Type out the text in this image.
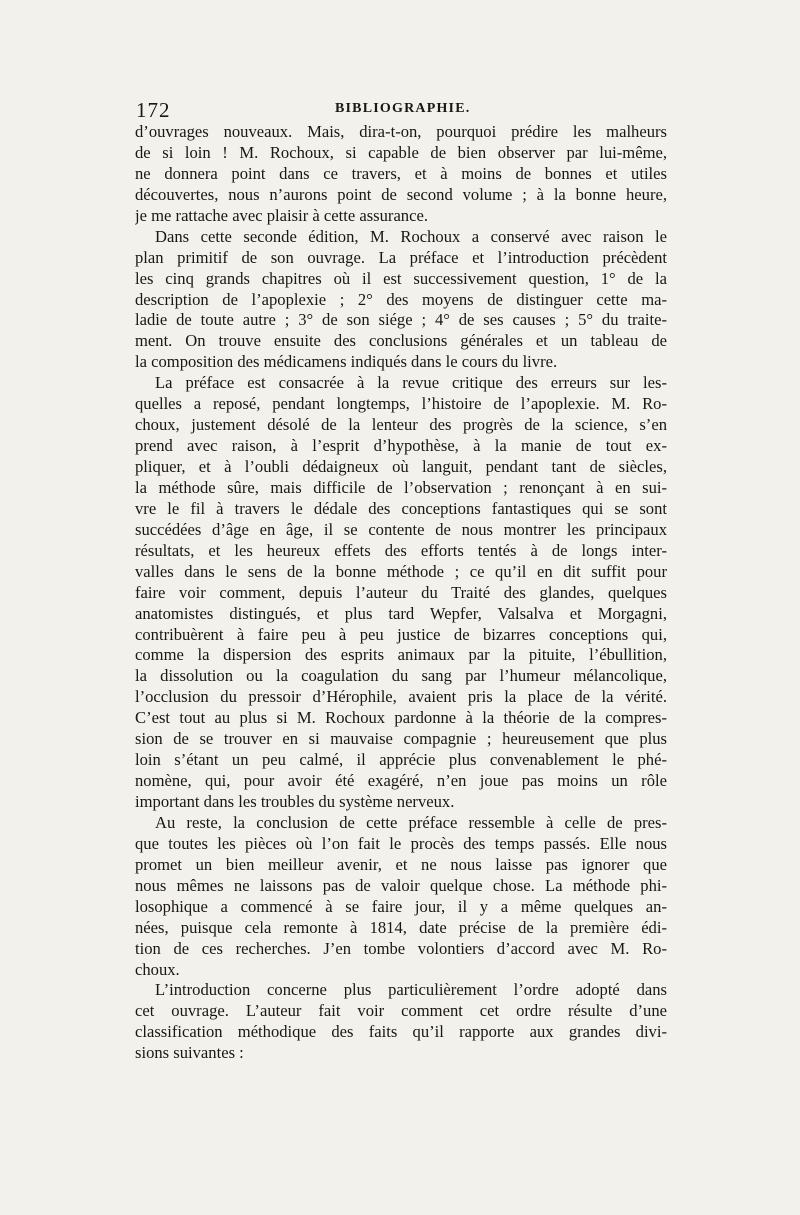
172	BIBLIOGRAPHIE.
d’ouvrages nouveaux. Mais, dira-t-on, pourquoi prédire les malheurs
de si loin ! M. Rochoux, si capable de bien observer par lui-même,
ne donnera point dans ce travers, et à moins de bonnes et utiles
découvertes, nous n’aurons point de second volume ; à la bonne heure,
je me rattache avec plaisir à cette assurance.
Dans cette seconde édition, M. Rochoux a conservé avec raison le
plan primitif de son ouvrage. La préface et l’introduction précèdent
les cinq grands chapitres où il est successivement question, 1° de la
description de l’apoplexie ; 2° des moyens de distinguer cette ma-
ladie de toute autre ; 3° de son siége ; 4° de ses causes ; 5° du traite-
ment. On trouve ensuite des conclusions générales et un tableau de
la composition des médicamens indiqués dans le cours du livre.
La préface est consacrée à la revue critique des erreurs sur les-
quelles a reposé, pendant longtemps, l’histoire de l’apoplexie. M. Ro-
choux, justement désolé de la lenteur des progrès de la science, s’en
prend avec raison, à l’esprit d’hypothèse, à la manie de tout ex-
pliquer, et à l’oubli dédaigneux où languit, pendant tant de siècles,
la méthode sûre, mais difficile de l’observation ; renonçant à en sui-
vre le fil à travers le dédale des conceptions fantastiques qui se sont
succédées d’âge en âge, il se contente de nous montrer les principaux
résultats, et les heureux effets des efforts tentés à de longs inter-
valles dans le sens de la bonne méthode ; ce qu’il en dit suffit pour
faire voir comment, depuis l’auteur du Traité des glandes, quelques
anatomistes distingués, et plus tard Wepfer, Valsalva et Morgagni,
contribuèrent à faire peu à peu justice de bizarres conceptions qui,
comme la dispersion des esprits animaux par la pituite, l’ébullition,
la dissolution ou la coagulation du sang par l’humeur mélancolique,
l’occlusion du pressoir d’Hérophile, avaient pris la place de la vérité.
C’est tout au plus si M. Rochoux pardonne à la théorie de la compres-
sion de se trouver en si mauvaise compagnie ; heureusement que plus
loin s’étant un peu calmé, il apprécie plus convenablement le phé-
nomène, qui, pour avoir été exagéré, n’en joue pas moins un rôle
important dans les troubles du système nerveux.
Au reste, la conclusion de cette préface ressemble à celle de pres-
que toutes les pièces où l’on fait le procès des temps passés. Elle nous
promet un bien meilleur avenir, et ne nous laisse pas ignorer que
nous mêmes ne laissons pas de valoir quelque chose. La méthode phi-
losophique a commencé à se faire jour, il y a même quelques an-
nées, puisque cela remonte à 1814, date précise de la première édi-
tion de ces recherches. J’en tombe volontiers d’accord avec M. Ro-
choux.
L’introduction concerne plus particulièrement l’ordre adopté dans
cet ouvrage. L’auteur fait voir comment cet ordre résulte d’une
classification méthodique des faits qu’il rapporte aux grandes divi-
sions suivantes :
